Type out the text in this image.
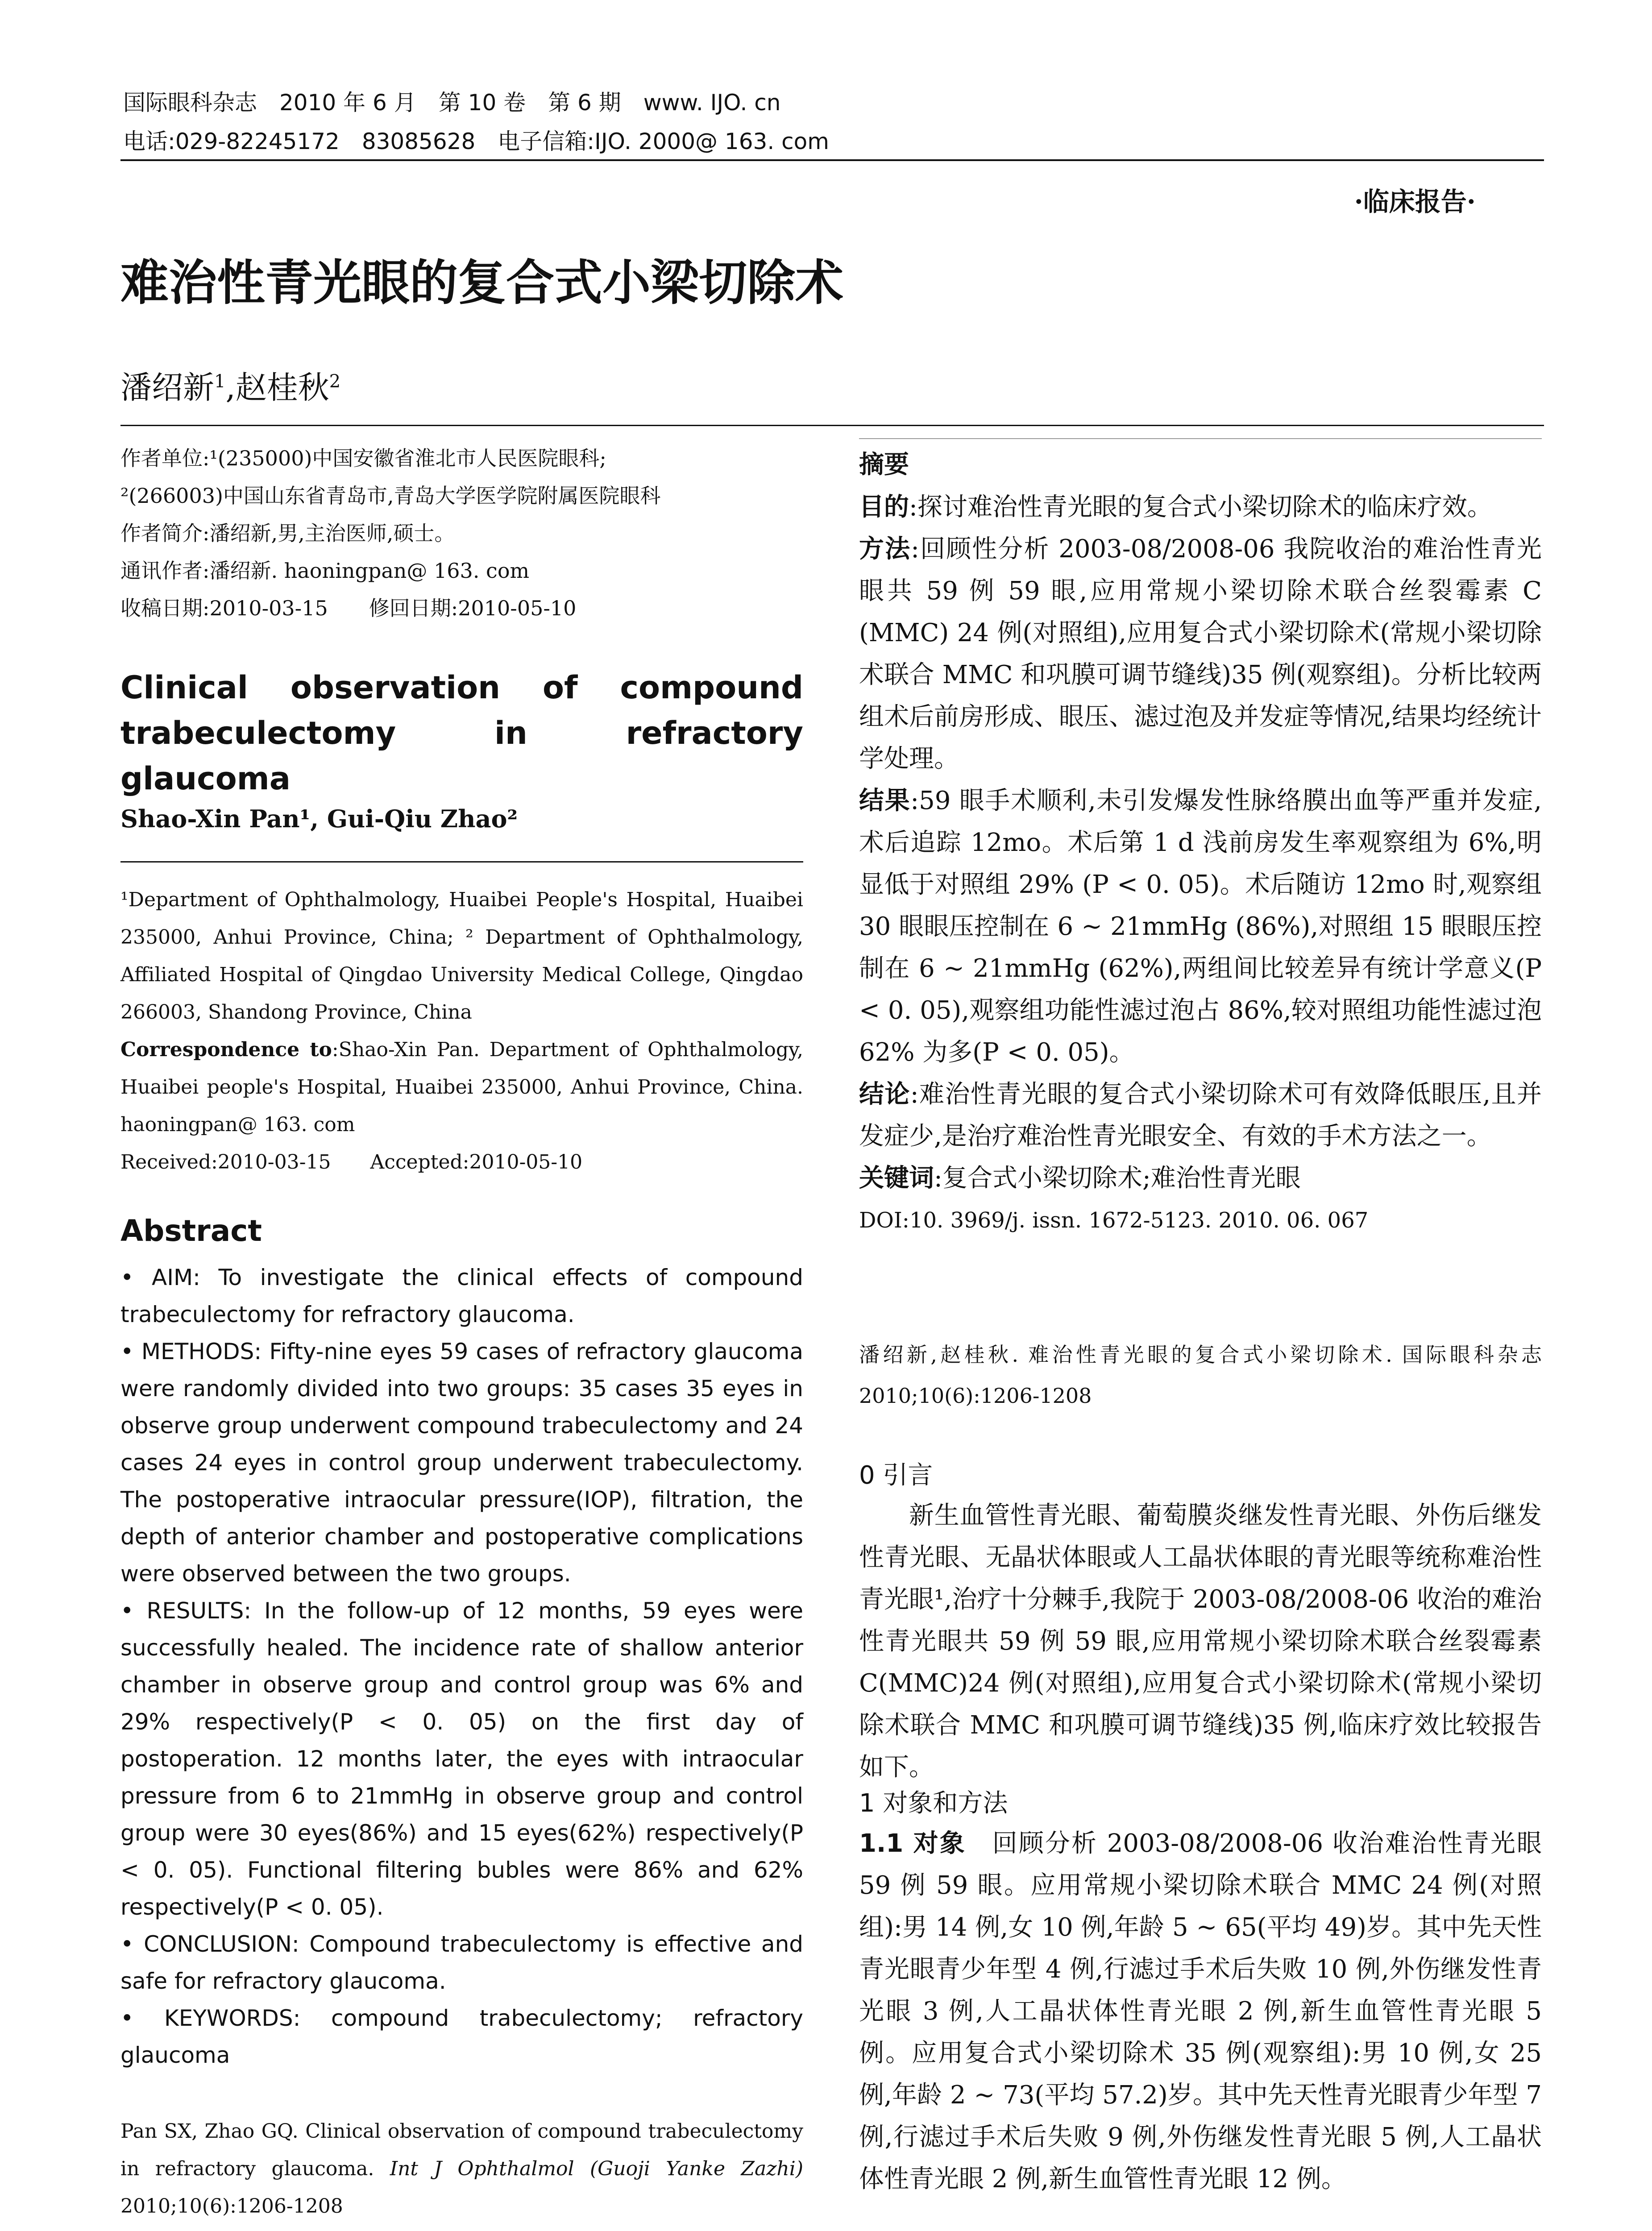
国际眼科杂志　2010 年 6 月　第 10 卷　第 6 期　www. IJO. cn
电话:029-82245172　83085628　电子信箱:IJO. 2000@ 163. com
·临床报告·
难治性青光眼的复合式小梁切除术
潘绍新$^1$,赵桂秋$^2$

作者单位:¹(235000)中国安徽省淮北市人民医院眼科;

²(266003)中国山东省青岛市,青岛大学医学院附属医院眼科

作者简介:潘绍新,男,主治医师,硕士。

通讯作者:潘绍新. haoningpan@ 163. com

收稿日期:2010-03-15　　修回日期:2010-05-10

Clinical　observation　of　compound trabeculectomy in refractory glaucoma
Shao-Xin Pan¹, Gui-Qiu Zhao²

¹Department of Ophthalmology, Huaibei People's Hospital, Huaibei 235000, Anhui Province, China; ² Department of Ophthalmology, Affiliated Hospital of Qingdao University Medical College, Qingdao 266003, Shandong Province, China

Correspondence to:Shao-Xin Pan. Department of Ophthalmology, Huaibei people's Hospital, Huaibei 235000, Anhui Province, China. haoningpan@ 163. com

Received:2010-03-15　　Accepted:2010-05-10

Abstract

• AIM: To investigate the clinical effects of compound trabeculectomy for refractory glaucoma.

• METHODS: Fifty-nine eyes 59 cases of refractory glaucoma were randomly divided into two groups: 35 cases 35 eyes in observe group underwent compound trabeculectomy and 24 cases 24 eyes in control group underwent trabeculectomy. The postoperative intraocular pressure(IOP), filtration, the depth of anterior chamber and postoperative complications were observed between the two groups.

• RESULTS: In the follow-up of 12 months, 59 eyes were successfully healed. The incidence rate of shallow anterior chamber in observe group and control group was 6% and 29% respectively(P < 0. 05) on the first day of postoperation. 12 months later, the eyes with intraocular pressure from 6 to 21mmHg in observe group and control group were 30 eyes(86%) and 15 eyes(62%) respectively(P < 0. 05). Functional filtering bubles were 86% and 62% respectively(P < 0. 05).

• CONCLUSION: Compound trabeculectomy is effective and safe for refractory glaucoma.

• KEYWORDS: compound trabeculectomy; refractory glaucoma

Pan SX, Zhao GQ. Clinical observation of compound trabeculectomy in refractory glaucoma. Int J Ophthalmol (Guoji Yanke Zazhi) 2010;10(6):1206-1208
摘要

目的:探讨难治性青光眼的复合式小梁切除术的临床疗效。

方法:回顾性分析 2003-08/2008-06 我院收治的难治性青光眼共 59 例 59 眼,应用常规小梁切除术联合丝裂霉素 C (MMC) 24 例(对照组),应用复合式小梁切除术(常规小梁切除术联合 MMC 和巩膜可调节缝线)35 例(观察组)。分析比较两组术后前房形成、眼压、滤过泡及并发症等情况,结果均经统计学处理。

结果:59 眼手术顺利,未引发爆发性脉络膜出血等严重并发症,术后追踪 12mo。术后第 1 d 浅前房发生率观察组为 6%,明显低于对照组 29% (P < 0. 05)。术后随访 12mo 时,观察组 30 眼眼压控制在 6 ~ 21mmHg (86%),对照组 15 眼眼压控制在 6 ~ 21mmHg (62%),两组间比较差异有统计学意义(P < 0. 05),观察组功能性滤过泡占 86%,较对照组功能性滤过泡 62% 为多(P < 0. 05)。

结论:难治性青光眼的复合式小梁切除术可有效降低眼压,且并发症少,是治疗难治性青光眼安全、有效的手术方法之一。

关键词:复合式小梁切除术;难治性青光眼

DOI:10. 3969/j. issn. 1672-5123. 2010. 06. 067

潘绍新,赵桂秋. 难治性青光眼的复合式小梁切除术. 国际眼科杂志 2010;10(6):1206-1208
0 引言
新生血管性青光眼、葡萄膜炎继发性青光眼、外伤后继发性青光眼、无晶状体眼或人工晶状体眼的青光眼等统称难治性青光眼¹,治疗十分棘手,我院于 2003-08/2008-06 收治的难治性青光眼共 59 例 59 眼,应用常规小梁切除术联合丝裂霉素 C(MMC)24 例(对照组),应用复合式小梁切除术(常规小梁切除术联合 MMC 和巩膜可调节缝线)35 例,临床疗效比较报告如下。
1 对象和方法
1.1 对象　回顾分析 2003-08/2008-06 收治难治性青光眼 59 例 59 眼。应用常规小梁切除术联合 MMC 24 例(对照组):男 14 例,女 10 例,年龄 5 ~ 65(平均 49)岁。其中先天性青光眼青少年型 4 例,行滤过手术后失败 10 例,外伤继发性青光眼 3 例,人工晶状体性青光眼 2 例,新生血管性青光眼 5 例。应用复合式小梁切除术 35 例(观察组):男 10 例,女 25 例,年龄 2 ~ 73(平均 57.2)岁。其中先天性青光眼青少年型 7 例,行滤过手术后失败 9 例,外伤继发性青光眼 5 例,人工晶状体性青光眼 2 例,新生血管性青光眼 12 例。
